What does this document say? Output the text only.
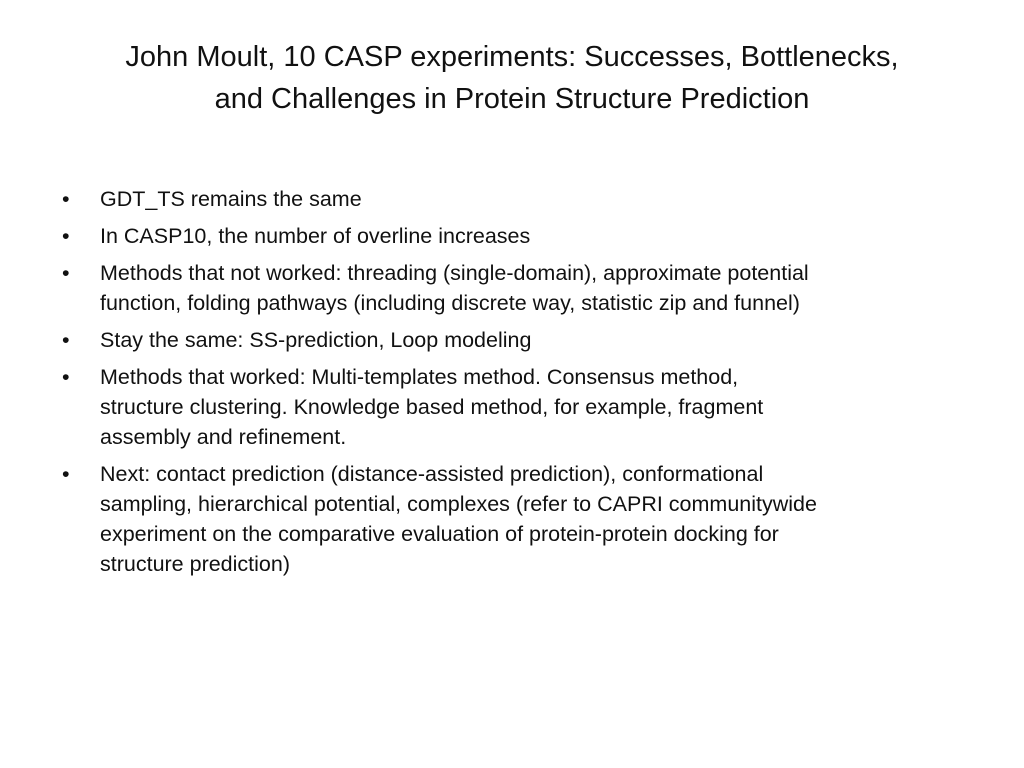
John Moult, 10 CASP experiments: Successes, Bottlenecks,
and Challenges in Protein Structure Prediction
•	GDT_TS remains the same
•	In CASP10, the number of overline increases
•	Methods that not worked: threading (single-domain), approximate potential
function, folding pathways (including discrete way, statistic zip and funnel)
•	Stay the same: SS-prediction, Loop modeling
•	Methods that worked: Multi-templates method. Consensus method,
structure clustering. Knowledge based method, for example, fragment
assembly and refinement.
•	Next: contact prediction (distance-assisted prediction), conformational
sampling, hierarchical potential, complexes (refer to CAPRI communitywide
experiment on the comparative evaluation of protein-protein docking for
structure prediction)
